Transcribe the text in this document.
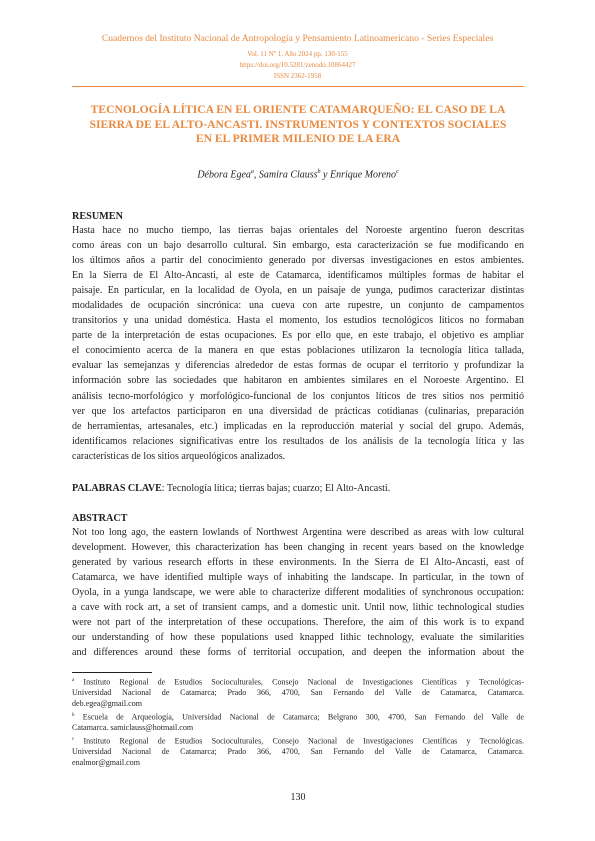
Cuadernos del Instituto Nacional de Antropología y Pensamiento Latinoamericano - Series Especiales
Vol. 11 Nº 1, Año 2024 pp. 130-155
https://doi.org/10.5281/zenodo.10864427
ISSN 2362-1958
TECNOLOGÍA LÍTICA EN EL ORIENTE CATAMARQUEÑO: EL CASO DE LA
SIERRA DE EL ALTO-ANCASTI. INSTRUMENTOS Y CONTEXTOS SOCIALES
EN EL PRIMER MILENIO DE LA ERA
Débora Egea$^a$, Samira Clauss$^b$ y Enrique Moreno$^c$
RESUMEN
Hasta hace no mucho tiempo, las tierras bajas orientales del Noroeste argentino fueron descritas
como áreas con un bajo desarrollo cultural. Sin embargo, esta caracterización se fue modificando en
los últimos años a partir del conocimiento generado por diversas investigaciones en estos ambientes.
En la Sierra de El Alto-Ancasti, al este de Catamarca, identificamos múltiples formas de habitar el
paisaje. En particular, en la localidad de Oyola, en un paisaje de yunga, pudimos caracterizar distintas
modalidades de ocupación sincrónica: una cueva con arte rupestre, un conjunto de campamentos
transitorios y una unidad doméstica. Hasta el momento, los estudios tecnológicos líticos no formaban
parte de la interpretación de estas ocupaciones. Es por ello que, en este trabajo, el objetivo es ampliar
el conocimiento acerca de la manera en que estas poblaciones utilizaron la tecnología lítica tallada,
evaluar las semejanzas y diferencias alrededor de estas formas de ocupar el territorio y profundizar la
información sobre las sociedades que habitaron en ambientes similares en el Noroeste Argentino. El
análisis tecno-morfológico y morfológico-funcional de los conjuntos líticos de tres sitios nos permitió
ver que los artefactos participaron en una diversidad de prácticas cotidianas (culinarias, preparación
de herramientas, artesanales, etc.) implicadas en la reproducción material y social del grupo. Además,
identificamos relaciones significativas entre los resultados de los análisis de la tecnología lítica y las
características de los sitios arqueológicos analizados.
PALABRAS CLAVE: Tecnología lítica; tierras bajas; cuarzo; El Alto-Ancasti.
ABSTRACT
Not too long ago, the eastern lowlands of Northwest Argentina were described as areas with low cultural
development. However, this characterization has been changing in recent years based on the knowledge
generated by various research efforts in these environments. In the Sierra de El Alto-Ancasti, east of
Catamarca, we have identified multiple ways of inhabiting the landscape. In particular, in the town of
Oyola, in a yunga landscape, we were able to characterize different modalities of synchronous occupation:
a cave with rock art, a set of transient camps, and a domestic unit. Until now, lithic technological studies
were not part of the interpretation of these occupations. Therefore, the aim of this work is to expand
our understanding of how these populations used knapped lithic technology, evaluate the similarities
and differences around these forms of territorial occupation, and deepen the information about the
$^a$ Instituto Regional de Estudios Socioculturales, Consejo Nacional de Investigaciones Científicas y Tecnológicas-
Universidad Nacional de Catamarca; Prado 366, 4700, San Fernando del Valle de Catamarca, Catamarca.
deb.egea@gmail.com
$^b$ Escuela de Arqueología, Universidad Nacional de Catamarca; Belgrano 300, 4700, San Fernando del Valle de
Catamarca. samiclauss@hotmail.com
$^c$ Instituto Regional de Estudios Socioculturales, Consejo Nacional de Investigaciones Científicas y Tecnológicas.
Universidad Nacional de Catamarca; Prado 366, 4700, San Fernando del Valle de Catamarca, Catamarca.
enalmor@gmail.com
130
